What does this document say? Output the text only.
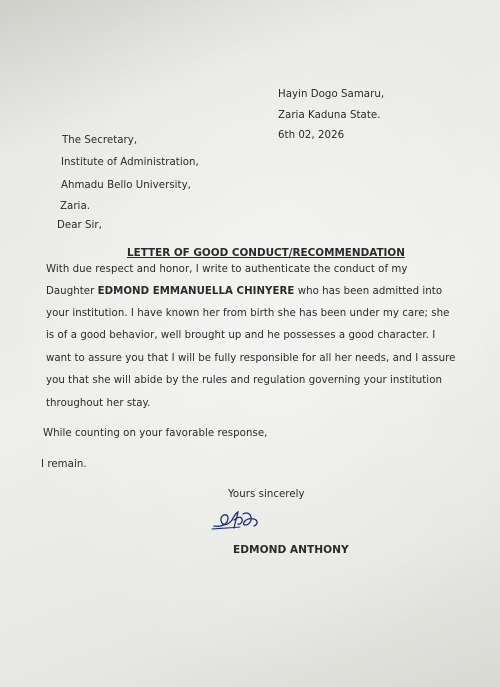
Hayin Dogo Samaru,
Zaria Kaduna State.
6th 02, 2026
The Secretary,
Institute of Administration,
Ahmadu Bello University,
Zaria.
Dear Sir,
LETTER OF GOOD CONDUCT/RECOMMENDATION
With due respect and honor, I write to authenticate the conduct of my
Daughter EDMOND EMMANUELLA CHINYERE who has been admitted into
your institution. I have known her from birth she has been under my care; she
is of a good behavior, well brought up and he possesses a good character. I
want to assure you that I will be fully responsible for all her needs, and I assure
you that she will abide by the rules and regulation governing your institution
throughout her stay.
While counting on your favorable response,
I remain.
Yours sincerely
EDMOND ANTHONY
